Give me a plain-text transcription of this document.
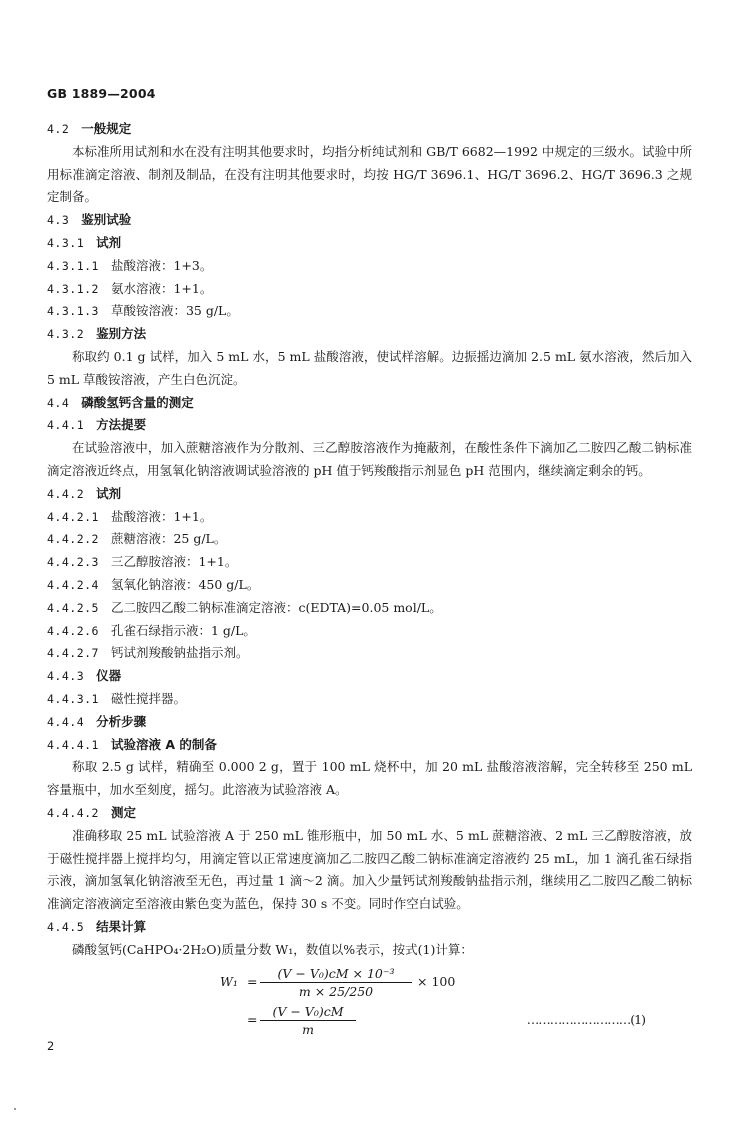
GB 1889—2004
4.2 一般规定
本标准所用试剂和水在没有注明其他要求时，均指分析纯试剂和 GB/T 6682—1992 中规定的三级水。试验中所用标准滴定溶液、制剂及制品，在没有注明其他要求时，均按 HG/T 3696.1、HG/T 3696.2、HG/T 3696.3 之规定制备。
4.3 鉴别试验
4.3.1 试剂
4.3.1.1 盐酸溶液：1+3。
4.3.1.2 氨水溶液：1+1。
4.3.1.3 草酸铵溶液：35 g/L。
4.3.2 鉴别方法
称取约 0.1 g 试样，加入 5 mL 水，5 mL 盐酸溶液，使试样溶解。边振摇边滴加 2.5 mL 氨水溶液，然后加入 5 mL 草酸铵溶液，产生白色沉淀。
4.4 磷酸氢钙含量的测定
4.4.1 方法提要
在试验溶液中，加入蔗糖溶液作为分散剂、三乙醇胺溶液作为掩蔽剂，在酸性条件下滴加乙二胺四乙酸二钠标准滴定溶液近终点，用氢氧化钠溶液调试验溶液的 pH 值于钙羧酸指示剂显色 pH 范围内，继续滴定剩余的钙。
4.4.2 试剂
4.4.2.1 盐酸溶液：1+1。
4.4.2.2 蔗糖溶液：25 g/L。
4.4.2.3 三乙醇胺溶液：1+1。
4.4.2.4 氢氧化钠溶液：450 g/L。
4.4.2.5 乙二胺四乙酸二钠标准滴定溶液：c(EDTA)=0.05 mol/L。
4.4.2.6 孔雀石绿指示液：1 g/L。
4.4.2.7 钙试剂羧酸钠盐指示剂。
4.4.3 仪器
4.4.3.1 磁性搅拌器。
4.4.4 分析步骤
4.4.4.1 试验溶液 A 的制备
称取 2.5 g 试样，精确至 0.000 2 g，置于 100 mL 烧杯中，加 20 mL 盐酸溶液溶解，完全转移至 250 mL 容量瓶中，加水至刻度，摇匀。此溶液为试验溶液 A。
4.4.4.2 测定
准确移取 25 mL 试验溶液 A 于 250 mL 锥形瓶中，加 50 mL 水、5 mL 蔗糖溶液、2 mL 三乙醇胺溶液，放于磁性搅拌器上搅拌均匀，用滴定管以正常速度滴加乙二胺四乙酸二钠标准滴定溶液约 25 mL，加 1 滴孔雀石绿指示液，滴加氢氧化钠溶液至无色，再过量 1 滴～2 滴。加入少量钙试剂羧酸钠盐指示剂，继续用乙二胺四乙酸二钠标准滴定溶液滴定至溶液由紫色变为蓝色，保持 30 s 不变。同时作空白试验。
4.4.5 结果计算
磷酸氢钙(CaHPO₄·2H₂O)质量分数 W₁，数值以%表示，按式(1)计算：
W₁ =
(V − V₀)cM × 10⁻³
m × 25/250
× 100
=
(V − V₀)cM
m
………………………(1)
2
